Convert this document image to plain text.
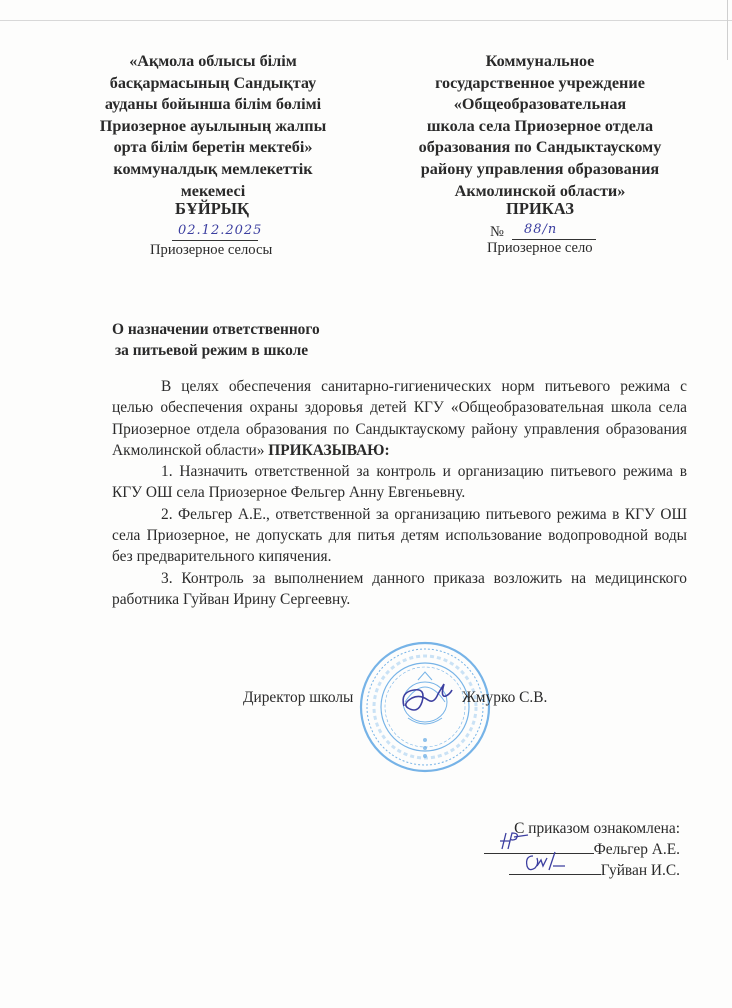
«Ақмола облысы білім
басқармасының Сандықтау
ауданы бойынша білім бөлімі
Приозерное ауылының жалпы
орта білім беретін мектебі»
коммуналдық мемлекеттік
мекемесі
Коммунальное
государственное учреждение
«Общеобразовательная
школа села Приозерное отдела
образования по Сандыктаускому
району управления образования
Акмолинской области»
БҰЙРЫҚ	ПРИКАЗ
02.12.2025
Приозерное селосы
№ 88/п
Приозерное село
О назначении ответственного
за питьевой режим в школе

В целях обеспечения санитарно-гигиенических норм питьевого режима с целью обеспечения охраны здоровья детей КГУ «Общеобразовательная школа села Приозерное отдела образования по Сандыктаускому району управления образования Акмолинской области» ПРИКАЗЫВАЮ:

1. Назначить ответственной за контроль и организацию питьевого режима в КГУ ОШ села Приозерное Фельгер Анну Евгеньевну.

2. Фельгер А.Е., ответственной за организацию питьевого режима в КГУ ОШ села Приозерное, не допускать для питья детям использование водопроводной воды без предварительного кипячения.

3. Контроль за выполнением данного приказа возложить на медицинского работника Гуйван Ирину Сергеевну.

Директор школы	Жмурко С.В.
С приказом ознакомлена:
Фельгер А.Е.
Гуйван И.С.
